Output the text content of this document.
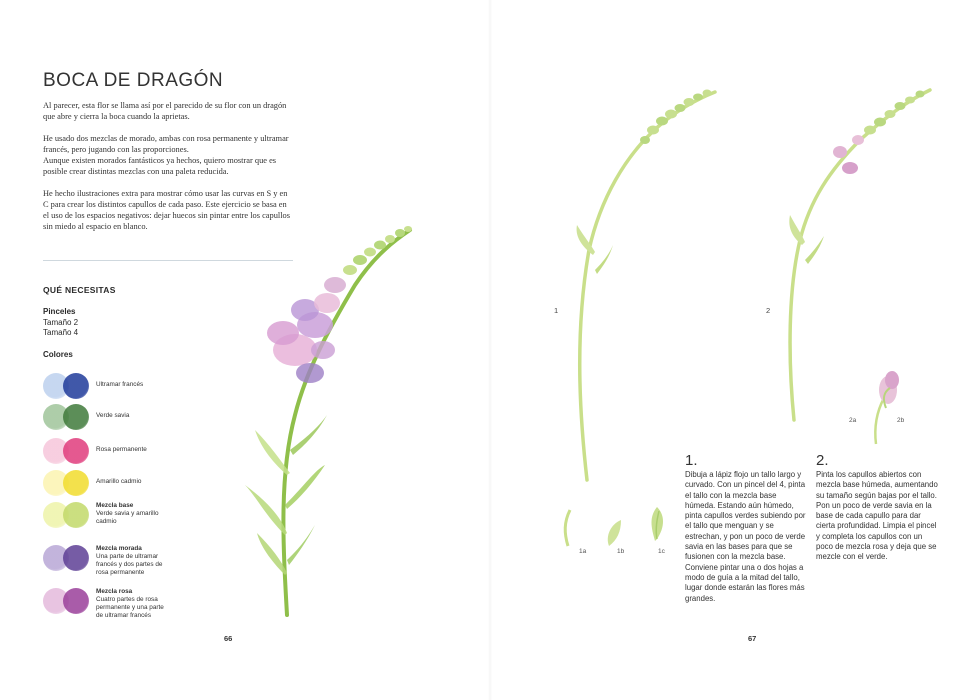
BOCA DE DRAGÓN

Al parecer, esta flor se llama así por el parecido de su flor con un dragón que abre y cierra la boca cuando la aprietas.

He usado dos mezclas de morado, ambas con rosa permanente y ultramar francés, pero jugando con las proporciones.

Aunque existen morados fantásticos ya hechos, quiero mostrar que es posible crear distintas mezclas con una paleta reducida.

He hecho ilustraciones extra para mostrar cómo usar las curvas en S y en C para crear los distintos capullos de cada paso. Este ejercicio se basa en el uso de los espacios negativos: dejar huecos sin pintar entre los capullos sin miedo al espacio en blanco.

QUÉ NECESITAS
Pinceles
Tamaño 2
Tamaño 4
Colores
Ultramar francés
Verde savia
Rosa permanente
Amarillo cadmio
Mezcla base
Verde savia y amarillo cadmio
Mezcla morada
Una parte de ultramar francés y dos partes de rosa permanente
Mezcla rosa
Cuatro partes de rosa permanente y una parte de ultramar francés
66
1	2
1a	1b	1c
2a	2b
1.
Dibuja a lápiz flojo un tallo largo y curvado. Con un pincel del 4, pinta el tallo con la mezcla base húmeda. Estando aún húmedo, pinta capullos verdes subiendo por el tallo que menguan y se estrechan, y pon un poco de verde savia en las bases para que se fusionen con la mezcla base. Conviene pintar una o dos hojas a modo de guía a la mitad del tallo, lugar donde estarán las flores más grandes.
2.
Pinta los capullos abiertos con mezcla base húmeda, aumentando su tamaño según bajas por el tallo. Pon un poco de verde savia en la base de cada capullo para dar cierta profundidad. Limpia el pincel y completa los capullos con un poco de mezcla rosa y deja que se mezcle con el verde.
67
